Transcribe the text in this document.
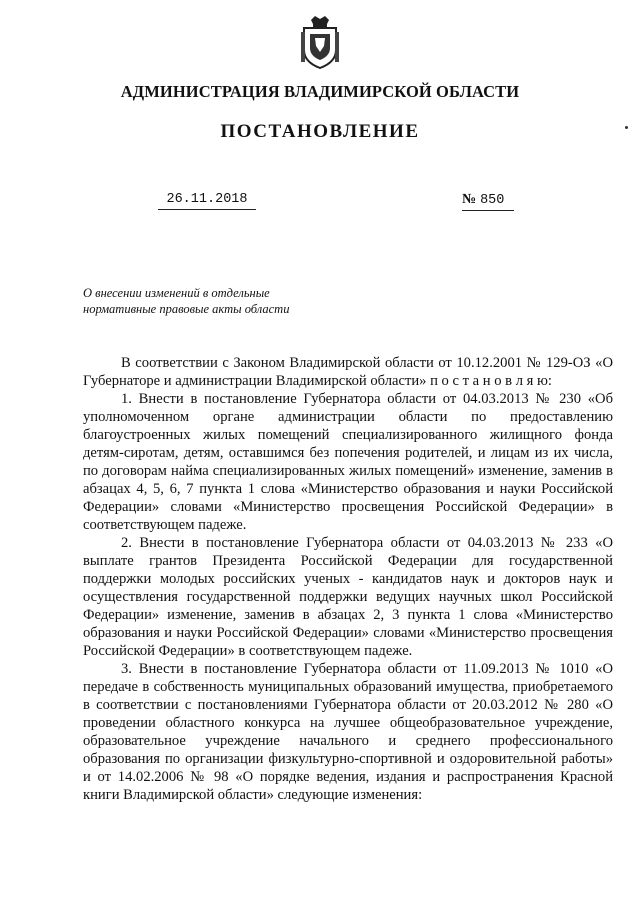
АДМИНИСТРАЦИЯ ВЛАДИМИРСКОЙ ОБЛАСТИ
ПОСТАНОВЛЕНИЕ
26.11.2018	№ 850
О внесении изменений в отдельные
нормативные правовые акты области

В соответствии с Законом Владимирской области от 10.12.2001 № 129-ОЗ «О Губернаторе и администрации Владимирской области» п о с т а н о в л я ю:

1. Внести в постановление Губернатора области от 04.03.2013 № 230 «Об уполномоченном органе администрации области по предоставлению благоустроенных жилых помещений специализированного жилищного фонда детям-сиротам, детям, оставшимся без попечения родителей, и лицам из их числа, по договорам найма специализированных жилых помещений» изменение, заменив в абзацах 4, 5, 6, 7 пункта 1 слова «Министерство образования и науки Российской Федерации» словами «Министерство просвещения Российской Федерации» в соответствующем падеже.

2. Внести в постановление Губернатора области от 04.03.2013 № 233 «О выплате грантов Президента Российской Федерации для государственной поддержки молодых российских ученых - кандидатов наук и докторов наук и осуществления государственной поддержки ведущих научных школ Российской Федерации» изменение, заменив в абзацах 2, 3 пункта 1 слова «Министерство образования и науки Российской Федерации» словами «Министерство просвещения Российской Федерации» в соответствующем падеже.

3. Внести в постановление Губернатора области от 11.09.2013 № 1010 «О передаче в собственность муниципальных образований имущества, приобретаемого в соответствии с постановлениями Губернатора области от 20.03.2012 № 280 «О проведении областного конкурса на лучшее общеобразовательное учреждение, образовательное учреждение начального и среднего профессионального образования по организации физкультурно-спортивной и оздоровительной работы» и от 14.02.2006 № 98 «О порядке ведения, издания и распространения Красной книги Владимирской области» следующие изменения:
